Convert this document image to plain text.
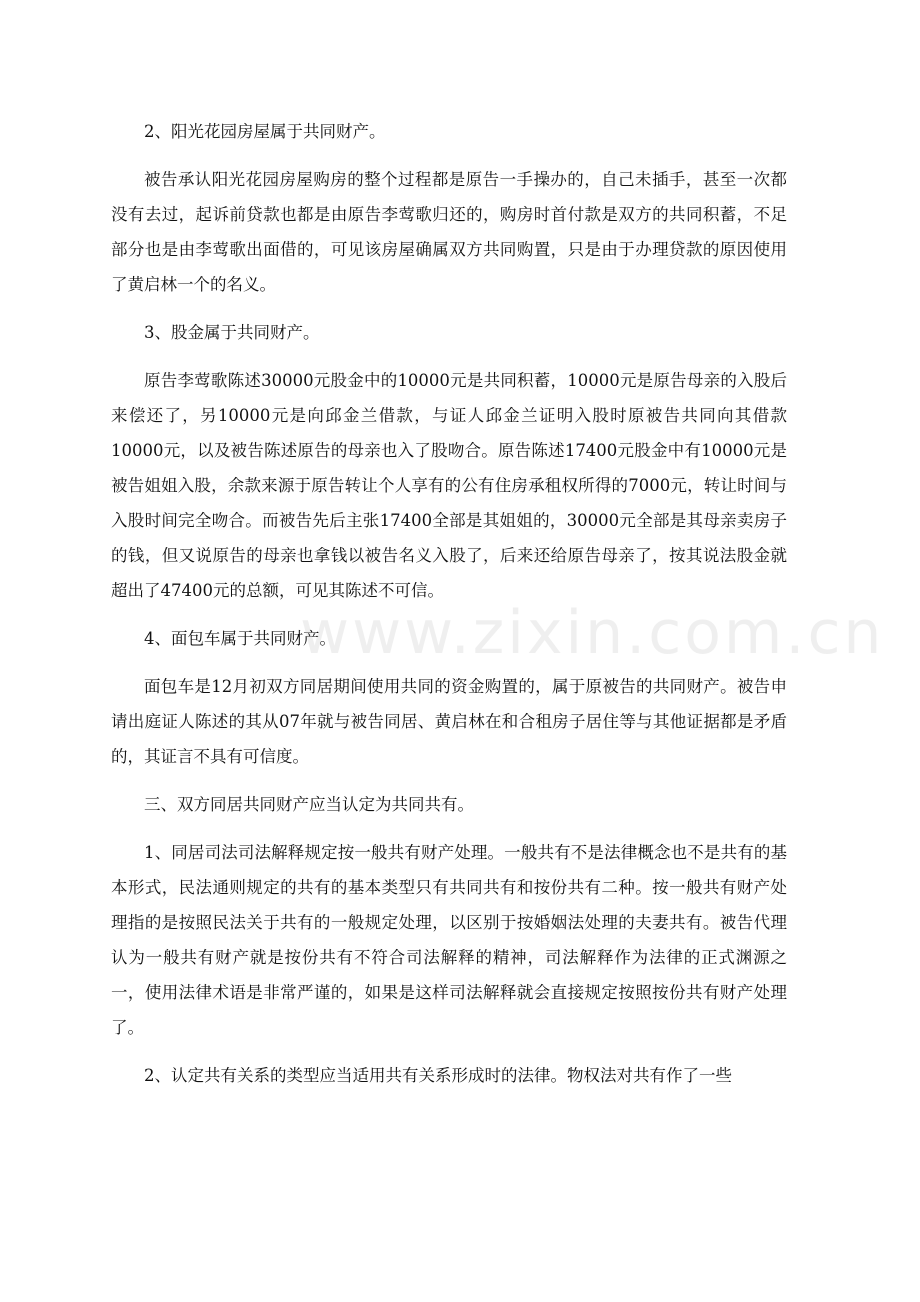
2、阳光花园房屋属于共同财产。

被告承认阳光花园房屋购房的整个过程都是原告一手操办的，自己未插手，甚至一次都没有去过，起诉前贷款也都是由原告李莺歌归还的，购房时首付款是双方的共同积蓄，不足部分也是由李莺歌出面借的，可见该房屋确属双方共同购置，只是由于办理贷款的原因使用了黄启林一个的名义。

3、股金属于共同财产。

原告李莺歌陈述30000元股金中的10000元是共同积蓄，10000元是原告母亲的入股后来偿还了，另10000元是向邱金兰借款，与证人邱金兰证明入股时原被告共同向其借款10000元，以及被告陈述原告的母亲也入了股吻合。原告陈述17400元股金中有10000元是被告姐姐入股，余款来源于原告转让个人享有的公有住房承租权所得的7000元，转让时间与入股时间完全吻合。而被告先后主张17400全部是其姐姐的，30000元全部是其母亲卖房子的钱，但又说原告的母亲也拿钱以被告名义入股了，后来还给原告母亲了，按其说法股金就超出了47400元的总额，可见其陈述不可信。

4、面包车属于共同财产。

面包车是12月初双方同居期间使用共同的资金购置的，属于原被告的共同财产。被告申请出庭证人陈述的其从07年就与被告同居、黄启林在和合租房子居住等与其他证据都是矛盾的，其证言不具有可信度。

三、双方同居共同财产应当认定为共同共有。

1、同居司法司法解释规定按一般共有财产处理。一般共有不是法律概念也不是共有的基本形式，民法通则规定的共有的基本类型只有共同共有和按份共有二种。按一般共有财产处理指的是按照民法关于共有的一般规定处理，以区别于按婚姻法处理的夫妻共有。被告代理认为一般共有财产就是按份共有不符合司法解释的精神，司法解释作为法律的正式渊源之一，使用法律术语是非常严谨的，如果是这样司法解释就会直接规定按照按份共有财产处理了。

2、认定共有关系的类型应当适用共有关系形成时的法律。物权法对共有作了一些

www.zixin.com.cn
